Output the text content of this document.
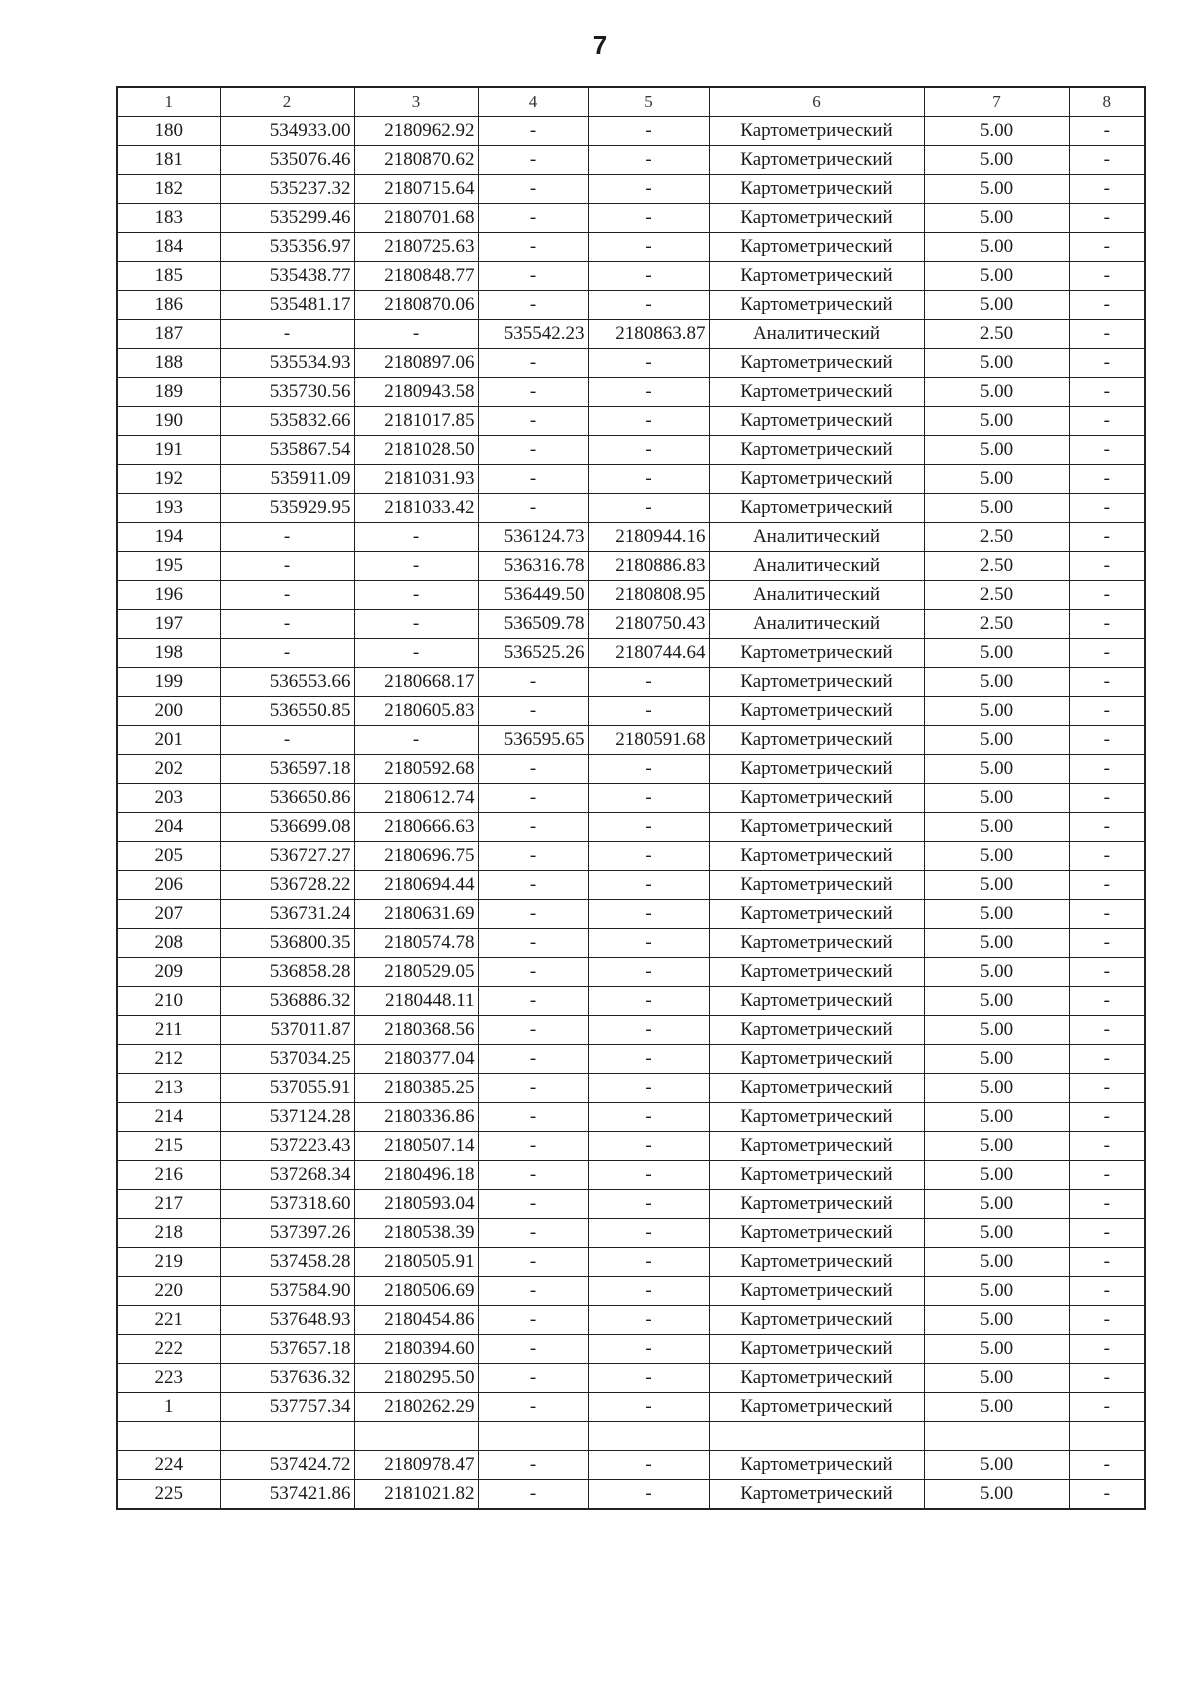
7
1	2	3	4	5	6	7	8
180	534933.00	2180962.92	-	-	Картометрический	5.00	-
181	535076.46	2180870.62	-	-	Картометрический	5.00	-
182	535237.32	2180715.64	-	-	Картометрический	5.00	-
183	535299.46	2180701.68	-	-	Картометрический	5.00	-
184	535356.97	2180725.63	-	-	Картометрический	5.00	-
185	535438.77	2180848.77	-	-	Картометрический	5.00	-
186	535481.17	2180870.06	-	-	Картометрический	5.00	-
187	-	-	535542.23	2180863.87	Аналитический	2.50	-
188	535534.93	2180897.06	-	-	Картометрический	5.00	-
189	535730.56	2180943.58	-	-	Картометрический	5.00	-
190	535832.66	2181017.85	-	-	Картометрический	5.00	-
191	535867.54	2181028.50	-	-	Картометрический	5.00	-
192	535911.09	2181031.93	-	-	Картометрический	5.00	-
193	535929.95	2181033.42	-	-	Картометрический	5.00	-
194	-	-	536124.73	2180944.16	Аналитический	2.50	-
195	-	-	536316.78	2180886.83	Аналитический	2.50	-
196	-	-	536449.50	2180808.95	Аналитический	2.50	-
197	-	-	536509.78	2180750.43	Аналитический	2.50	-
198	-	-	536525.26	2180744.64	Картометрический	5.00	-
199	536553.66	2180668.17	-	-	Картометрический	5.00	-
200	536550.85	2180605.83	-	-	Картометрический	5.00	-
201	-	-	536595.65	2180591.68	Картометрический	5.00	-
202	536597.18	2180592.68	-	-	Картометрический	5.00	-
203	536650.86	2180612.74	-	-	Картометрический	5.00	-
204	536699.08	2180666.63	-	-	Картометрический	5.00	-
205	536727.27	2180696.75	-	-	Картометрический	5.00	-
206	536728.22	2180694.44	-	-	Картометрический	5.00	-
207	536731.24	2180631.69	-	-	Картометрический	5.00	-
208	536800.35	2180574.78	-	-	Картометрический	5.00	-
209	536858.28	2180529.05	-	-	Картометрический	5.00	-
210	536886.32	2180448.11	-	-	Картометрический	5.00	-
211	537011.87	2180368.56	-	-	Картометрический	5.00	-
212	537034.25	2180377.04	-	-	Картометрический	5.00	-
213	537055.91	2180385.25	-	-	Картометрический	5.00	-
214	537124.28	2180336.86	-	-	Картометрический	5.00	-
215	537223.43	2180507.14	-	-	Картометрический	5.00	-
216	537268.34	2180496.18	-	-	Картометрический	5.00	-
217	537318.60	2180593.04	-	-	Картометрический	5.00	-
218	537397.26	2180538.39	-	-	Картометрический	5.00	-
219	537458.28	2180505.91	-	-	Картометрический	5.00	-
220	537584.90	2180506.69	-	-	Картометрический	5.00	-
221	537648.93	2180454.86	-	-	Картометрический	5.00	-
222	537657.18	2180394.60	-	-	Картометрический	5.00	-
223	537636.32	2180295.50	-	-	Картометрический	5.00	-
1	537757.34	2180262.29	-	-	Картометрический	5.00	-

224	537424.72	2180978.47	-	-	Картометрический	5.00	-
225	537421.86	2181021.82	-	-	Картометрический	5.00	-
